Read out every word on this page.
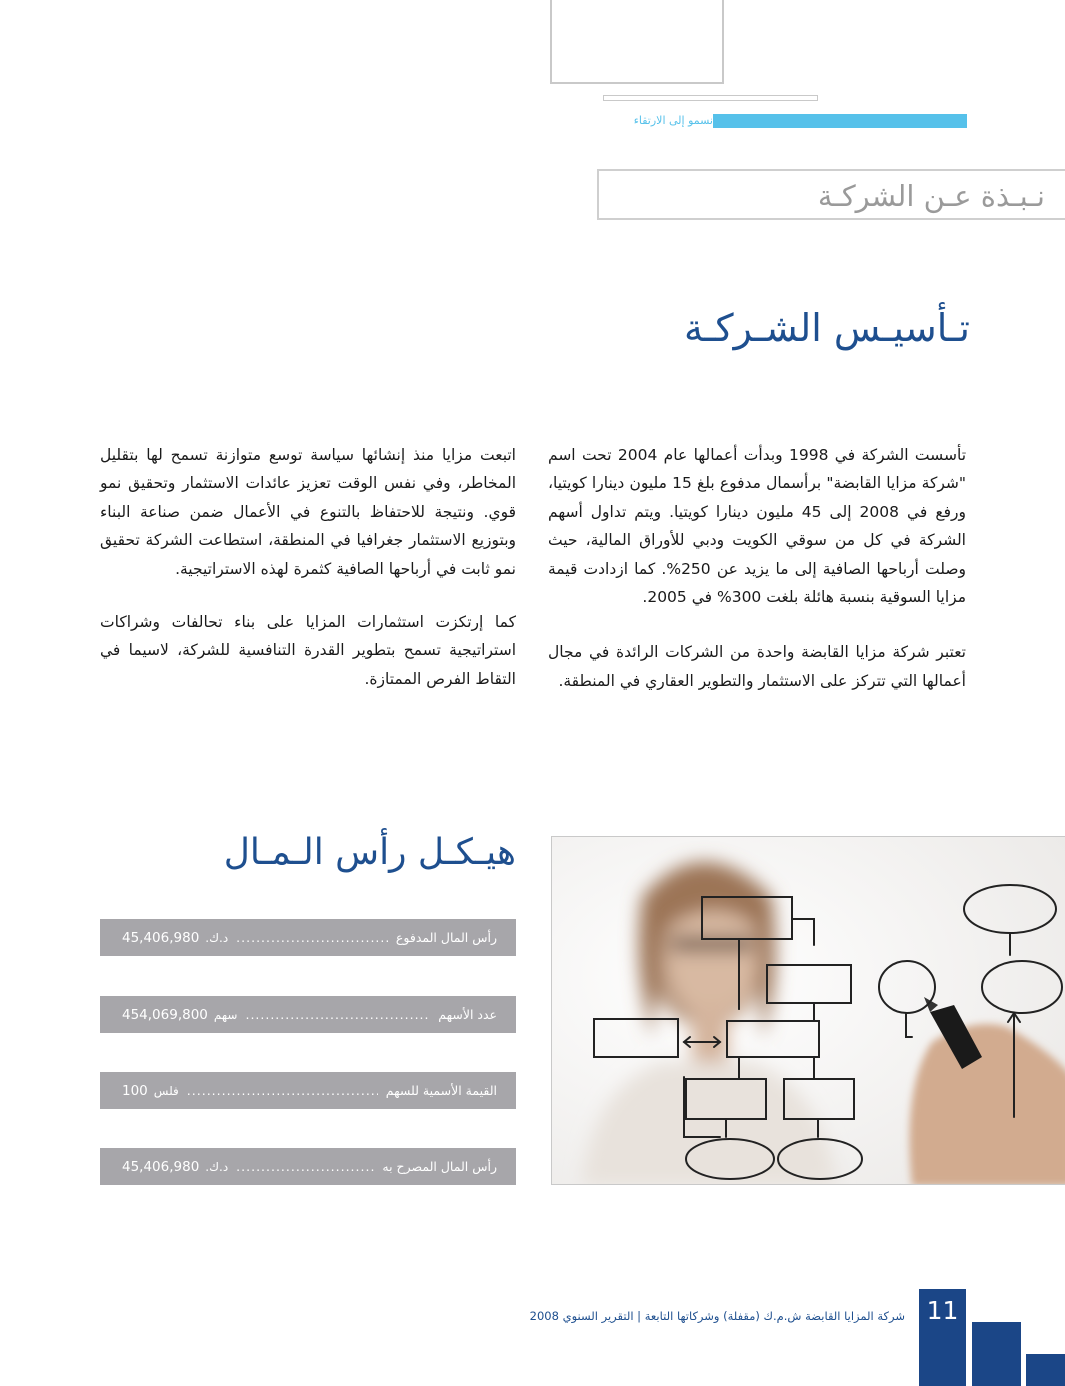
نسمو إلى الارتقاء
نـبـذة عـن الشركـة
تـأسيـس الشـركـة

تأسست الشركة في 1998 وبدأت أعمالها عام 2004 تحت اسم "شركة مزايا القابضة" برأسمال مدفوع بلغ 15 مليون دينارا كويتيا، ورفع في 2008 إلى 45 مليون دينارا كويتيا. ويتم تداول أسهم الشركة في كل من سوقي الكويت ودبي للأوراق المالية، حيث وصلت أرباحها الصافية إلى ما يزيد عن 250%. كما ازدادت قيمة مزايا السوقية بنسبة هائلة بلغت 300% في 2005.

تعتبر شركة مزايا القابضة واحدة من الشركات الرائدة في مجال أعمالها التي تتركز على الاستثمار والتطوير العقاري في المنطقة.

اتبعت مزايا منذ إنشائها سياسة توسع متوازنة تسمح لها بتقليل المخاطر، وفي نفس الوقت تعزيز عائدات الاستثمار وتحقيق نمو قوي. ونتيجة للاحتفاظ بالتنوع في الأعمال ضمن صناعة البناء وبتوزيع الاستثمار جغرافيا في المنطقة، استطاعت الشركة تحقيق نمو ثابت في أرباحها الصافية كثمرة لهذه الاستراتيجية.

كما إرتكزت استثمارات المزايا على بناء تحالفات وشراكات استراتيجية تسمح بتطوير القدرة التنافسية للشركة، لاسيما في التقاط الفرص الممتازة.

هيـكـل رأس الـمـال
رأس المال المدفوع
.....
45,406,980 د.ك.
عدد الأسهم
.....
454,069,800 سهم
القيمة الأسمية للسهم
.....
100 فلس
رأس المال المصرح به
.....
45,406,980 د.ك.
شركة المزايا القابضة ش.م.ك (مقفلة) وشركاتها التابعة | التقرير السنوي 2008 11
